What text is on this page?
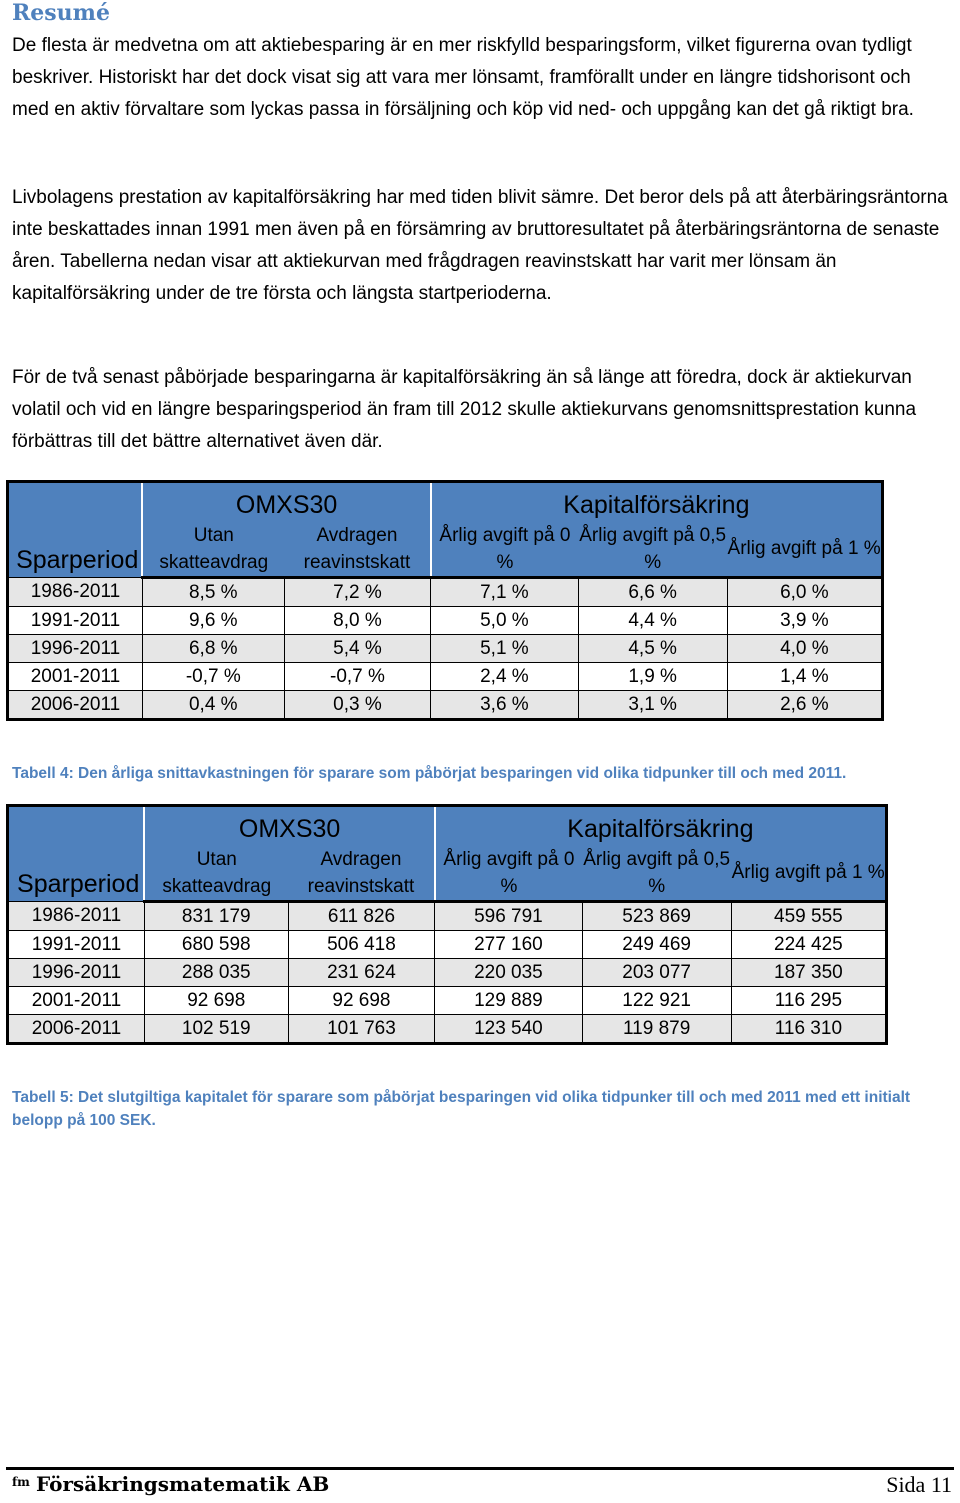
Resumé

De flesta är medvetna om att aktiebesparing är en mer riskfylld besparingsform, vilket figurerna ovan tydligt beskriver. Historiskt har det dock visat sig att vara mer lönsamt, framförallt under en längre tidshorisont och med en aktiv förvaltare som lyckas passa in försäljning och köp vid ned- och uppgång kan det gå riktigt bra.

Livbolagens prestation av kapitalförsäkring har med tiden blivit sämre. Det beror dels på att återbäringsräntorna inte beskattades innan 1991 men även på en försämring av bruttoresultatet på återbäringsräntorna de senaste åren. Tabellerna nedan visar att aktiekurvan med frågdragen reavinstskatt har varit mer lönsam än kapitalförsäkring under de tre första och längsta startperioderna.

För de två senast påbörjade besparingarna är kapitalförsäkring än så länge att föredra, dock är aktiekurvan volatil och vid en längre besparingsperiod än fram till 2012 skulle aktiekurvans genomsnittsprestation kunna förbättras till det bättre alternativet även där.

Sparperiod	OMXS30		Kapitalförsäkring		
	Utan skatteavdrag	Avdragen reavinstskatt	Årlig avgift på 0 %	Årlig avgift på 0,5 %	Årlig avgift på 1 %
1986-2011	8,5 %	7,2 %	7,1 %	6,6 %	6,0 %
1991-2011	9,6 %	8,0 %	5,0 %	4,4 %	3,9 %
1996-2011	6,8 %	5,4 %	5,1 %	4,5 %	4,0 %
2001-2011	-0,7 %	-0,7 %	2,4 %	1,9 %	1,4 %
2006-2011	0,4 %	0,3 %	3,6 %	3,1 %	2,6 %

Tabell 4: Den årliga snittavkastningen för sparare som påbörjat besparingen vid olika tidpunker till och med 2011.

Sparperiod	OMXS30		Kapitalförsäkring		
	Utan skatteavdrag	Avdragen reavinstskatt	Årlig avgift på 0 %	Årlig avgift på 0,5 %	Årlig avgift på 1 %
1986-2011	831 179	611 826	596 791	523 869	459 555
1991-2011	680 598	506 418	277 160	249 469	224 425
1996-2011	288 035	231 624	220 035	203 077	187 350
2001-2011	92 698	92 698	129 889	122 921	116 295
2006-2011	102 519	101 763	123 540	119 879	116 310

Tabell 5: Det slutgiltiga kapitalet för sparare som påbörjat besparingen vid olika tidpunker till och med 2011 med ett initialt belopp på 100 SEK.

fm Försäkringsmatematik AB	Sida 11
